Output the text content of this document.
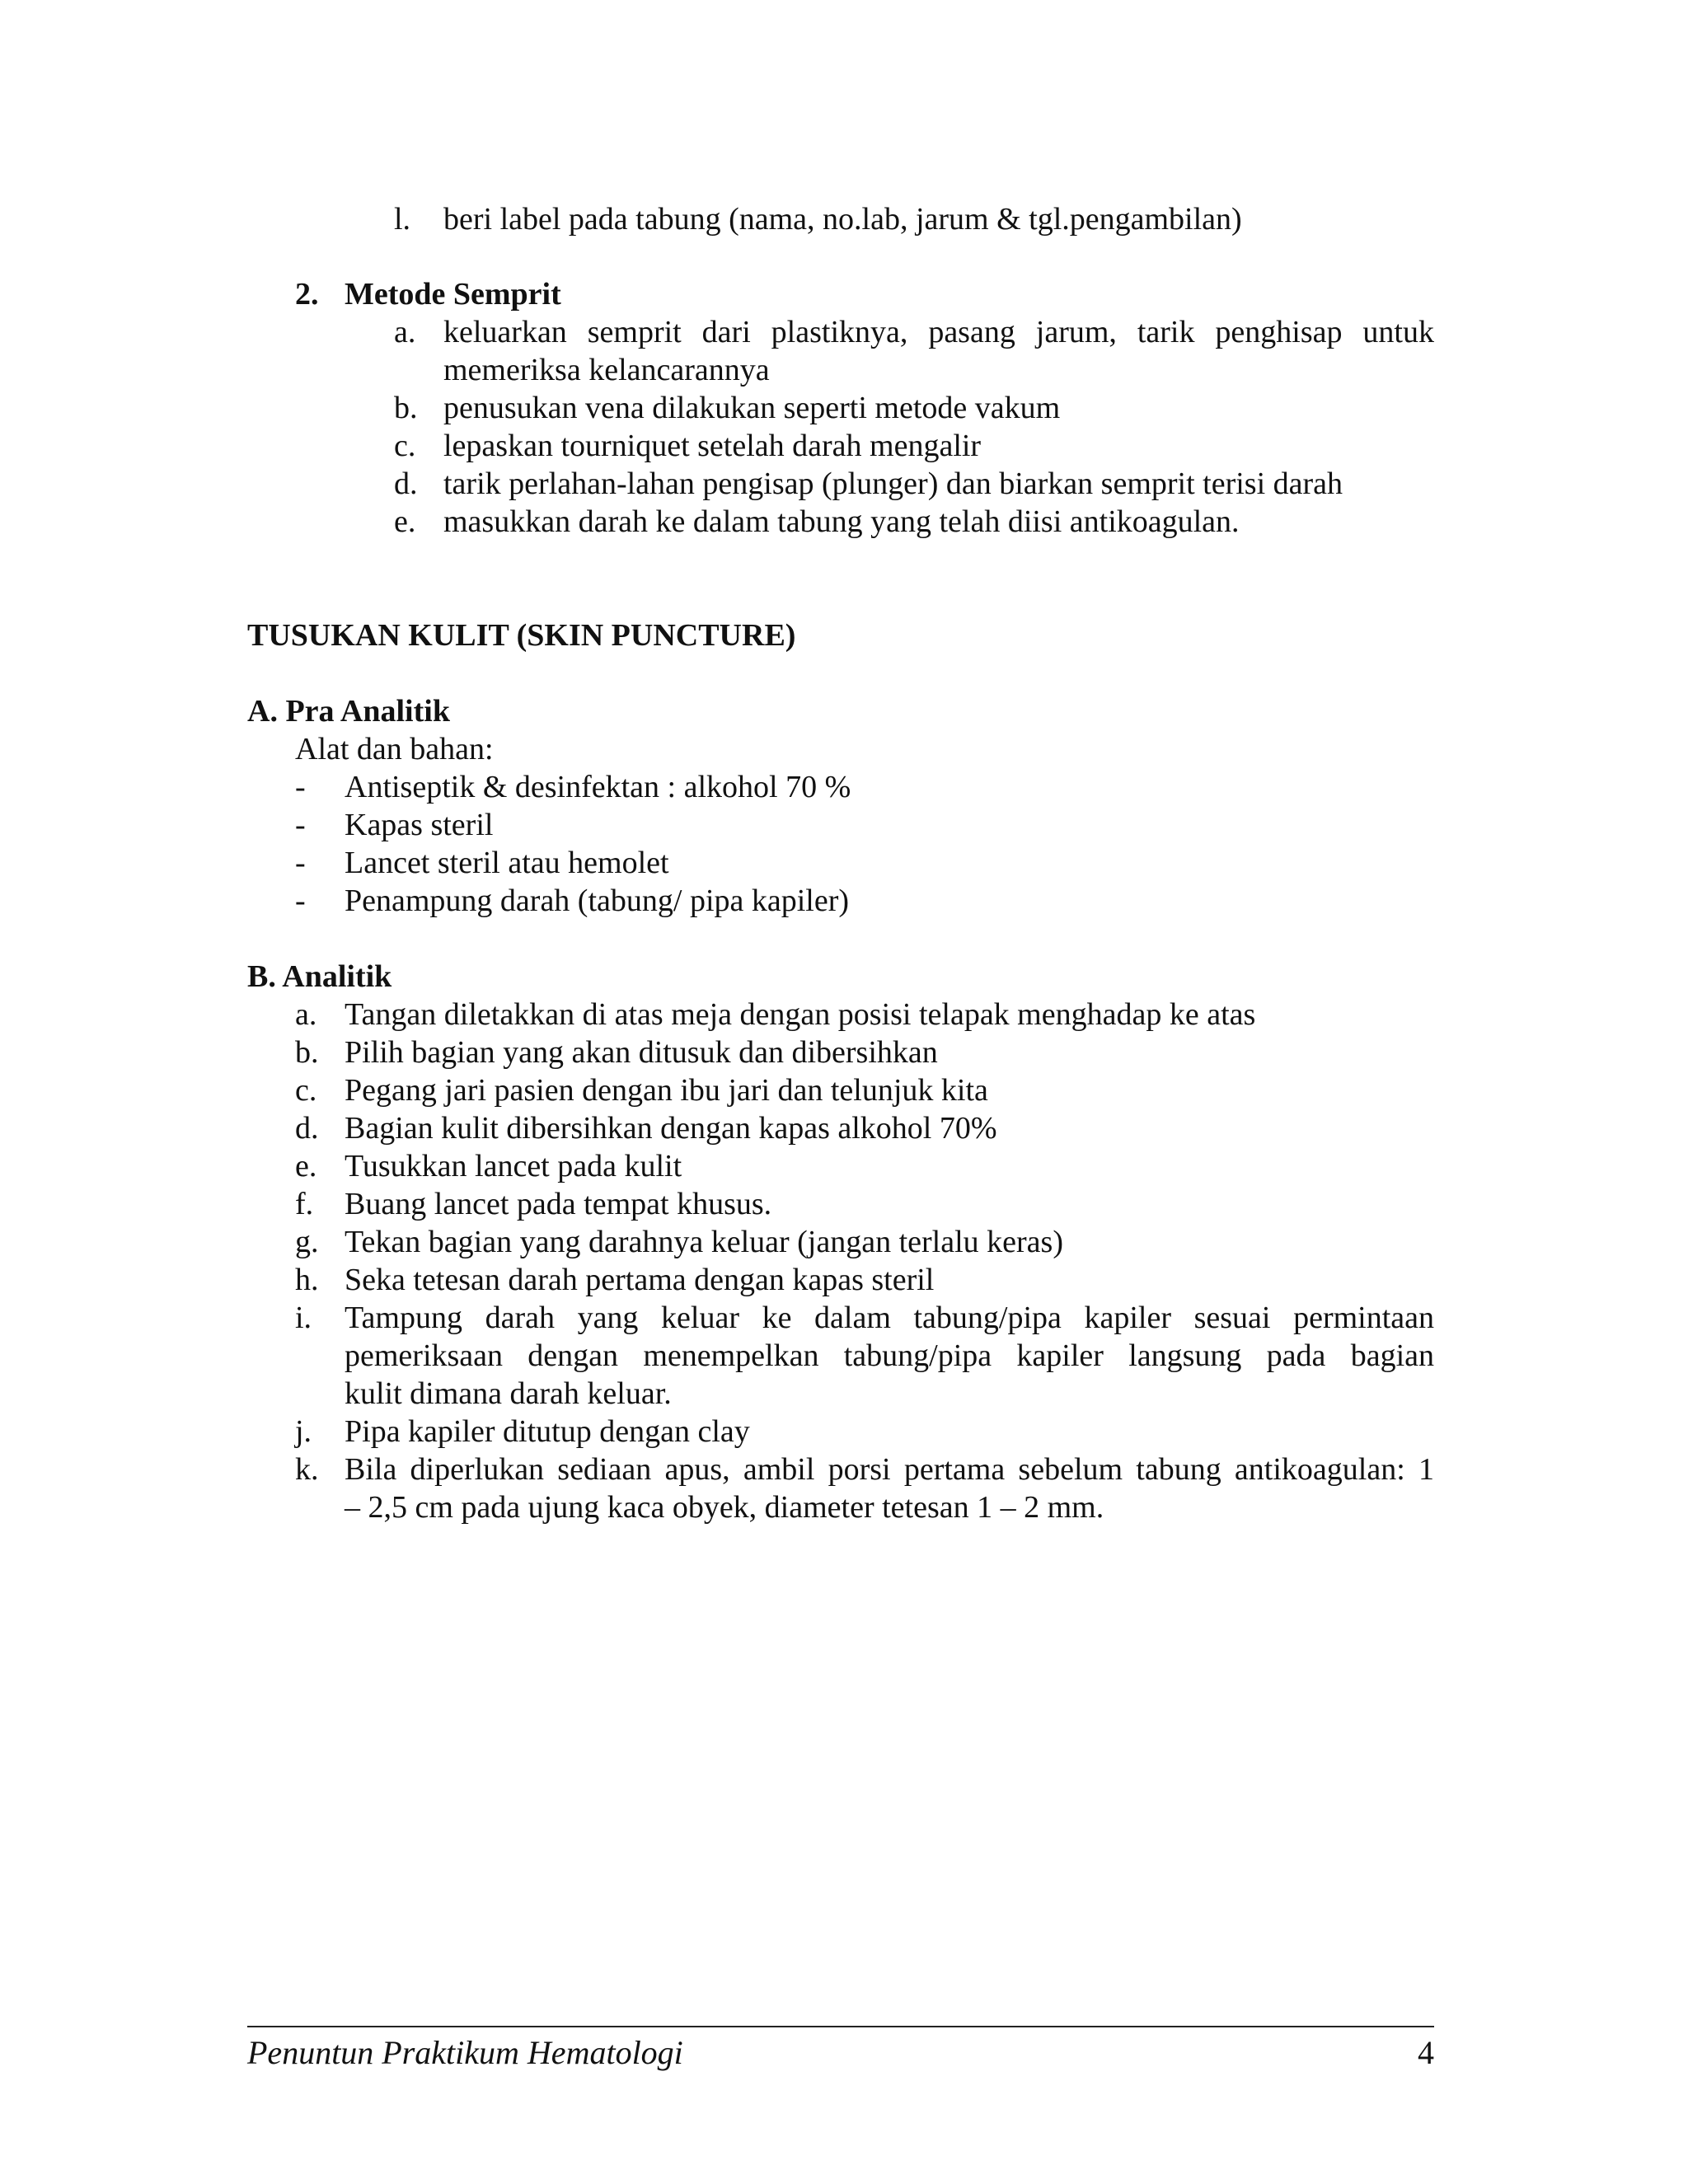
l. beri label pada tabung (nama, no.lab, jarum & tgl.pengambilan)
2. Metode Semprit
a. keluarkan semprit dari plastiknya, pasang jarum, tarik penghisap untuk
memeriksa kelancarannya
b. penusukan vena dilakukan seperti metode vakum
c. lepaskan tourniquet setelah darah mengalir
d. tarik perlahan-lahan pengisap (plunger) dan biarkan semprit terisi darah
e. masukkan darah ke dalam tabung yang telah diisi antikoagulan.
TUSUKAN KULIT (SKIN PUNCTURE)
A. Pra Analitik
Alat dan bahan:
- Antiseptik & desinfektan : alkohol 70 %
- Kapas steril
- Lancet steril atau hemolet
- Penampung darah (tabung/ pipa kapiler)
B. Analitik
a. Tangan diletakkan di atas meja dengan posisi telapak menghadap ke atas
b. Pilih bagian yang akan ditusuk dan dibersihkan
c. Pegang jari pasien dengan ibu jari dan telunjuk kita
d. Bagian kulit dibersihkan dengan kapas alkohol 70%
e. Tusukkan lancet pada kulit
f. Buang lancet pada tempat khusus.
g. Tekan bagian yang darahnya keluar (jangan terlalu keras)
h. Seka tetesan darah pertama dengan kapas steril
i. Tampung darah yang keluar ke dalam tabung/pipa kapiler sesuai permintaan
pemeriksaan dengan menempelkan tabung/pipa kapiler langsung pada bagian
kulit dimana darah keluar.
j. Pipa kapiler ditutup dengan clay
k. Bila diperlukan sediaan apus, ambil porsi pertama sebelum tabung antikoagulan: 1
– 2,5 cm pada ujung kaca obyek, diameter tetesan 1 – 2 mm.
Penuntun Praktikum Hematologi	4
